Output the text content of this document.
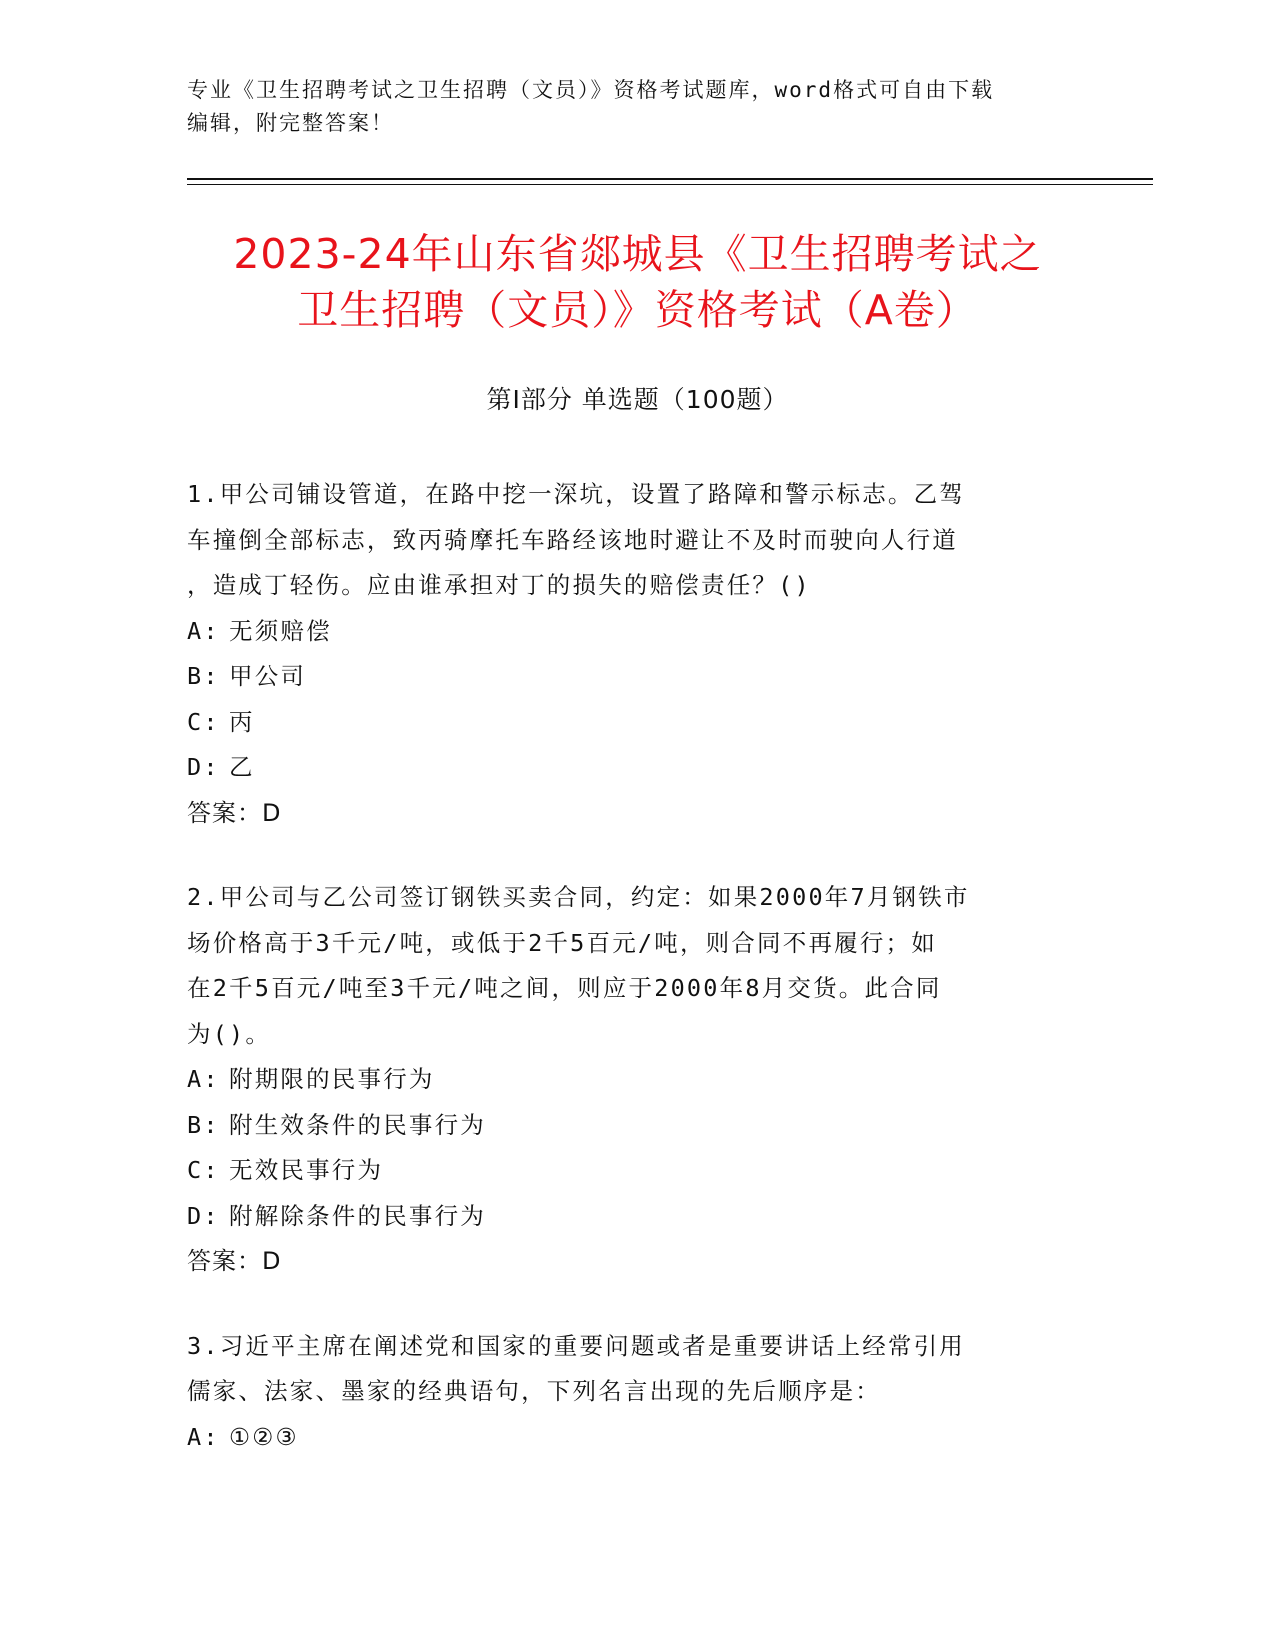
专业《卫生招聘考试之卫生招聘（文员）》资格考试题库，word格式可自由下载
编辑，附完整答案！
2023-24年山东省郯城县《卫生招聘考试之
卫生招聘（文员）》资格考试（A卷）
第Ⅰ部分 单选题（100题）
1.甲公司铺设管道，在路中挖一深坑，设置了路障和警示标志。乙驾
车撞倒全部标志，致丙骑摩托车路经该地时避让不及时而驶向人行道
，造成丁轻伤。应由谁承担对丁的损失的赔偿责任？()
A: 无须赔偿
B: 甲公司
C: 丙
D: 乙
答案：D
2.甲公司与乙公司签订钢铁买卖合同，约定：如果2000年7月钢铁市
场价格高于3千元/吨，或低于2千5百元/吨，则合同不再履行；如
在2千5百元/吨至3千元/吨之间，则应于2000年8月交货。此合同
为()。
A: 附期限的民事行为
B: 附生效条件的民事行为
C: 无效民事行为
D: 附解除条件的民事行为
答案：D
3.习近平主席在阐述党和国家的重要问题或者是重要讲话上经常引用
儒家、法家、墨家的经典语句，下列名言出现的先后顺序是：
A: ①②③
